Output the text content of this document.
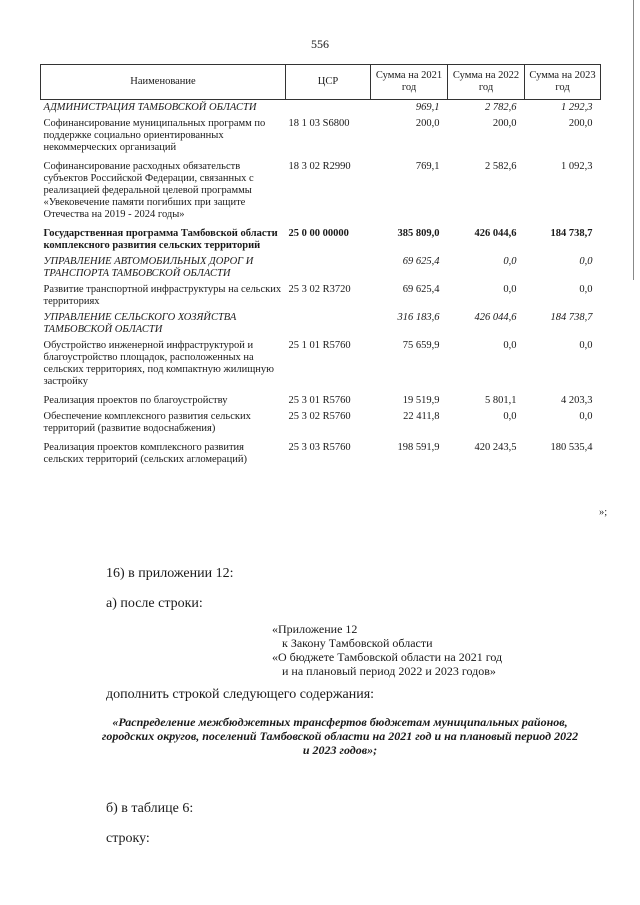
556
Наименование	ЦСР	Сумма на 2021 год	Сумма на 2022 год	Сумма на 2023 год
АДМИНИСТРАЦИЯ ТАМБОВСКОЙ ОБЛАСТИ		969,1	2 782,6	1 292,3
Софинансирование муниципальных программ по поддержке социально ориентированных некоммерческих организаций	18 1 03 S6800	200,0	200,0	200,0
Софинансирование расходных обязательств субъектов Российской Федерации, связанных с реализацией федеральной целевой программы «Увековечение памяти погибших при защите Отечества на 2019 - 2024 годы»	18 3 02 R2990	769,1	2 582,6	1 092,3
Государственная программа Тамбовской области комплексного развития сельских территорий	25 0 00 00000	385 809,0	426 044,6	184 738,7
УПРАВЛЕНИЕ АВТОМОБИЛЬНЫХ ДОРОГ И ТРАНСПОРТА ТАМБОВСКОЙ ОБЛАСТИ		69 625,4	0,0	0,0
Развитие транспортной инфраструктуры на сельских территориях	25 3 02 R3720	69 625,4	0,0	0,0
УПРАВЛЕНИЕ СЕЛЬСКОГО ХОЗЯЙСТВА ТАМБОВСКОЙ ОБЛАСТИ		316 183,6	426 044,6	184 738,7
Обустройство инженерной инфраструктурой и благоустройство площадок, расположенных на сельских территориях, под компактную жилищную застройку	25 1 01 R5760	75 659,9	0,0	0,0
Реализация проектов по благоустройству	25 3 01 R5760	19 519,9	5 801,1	4 203,3
Обеспечение комплексного развития сельских территорий (развитие водоснабжения)	25 3 02 R5760	22 411,8	0,0	0,0
Реализация проектов комплексного развития сельских территорий (сельских агломераций)	25 3 03 R5760	198 591,9	420 243,5	180 535,4
»;
16) в приложении 12:
а) после строки:
«Приложение 12
к Закону Тамбовской области
«О бюджете Тамбовской области на 2021 год
и на плановый период 2022 и 2023 годов»
дополнить строкой следующего содержания:
«Распределение межбюджетных трансфертов бюджетам муниципальных районов, городских округов, поселений Тамбовской области на 2021 год и на плановый период 2022 и 2023 годов»;
б) в таблице 6:
строку:
